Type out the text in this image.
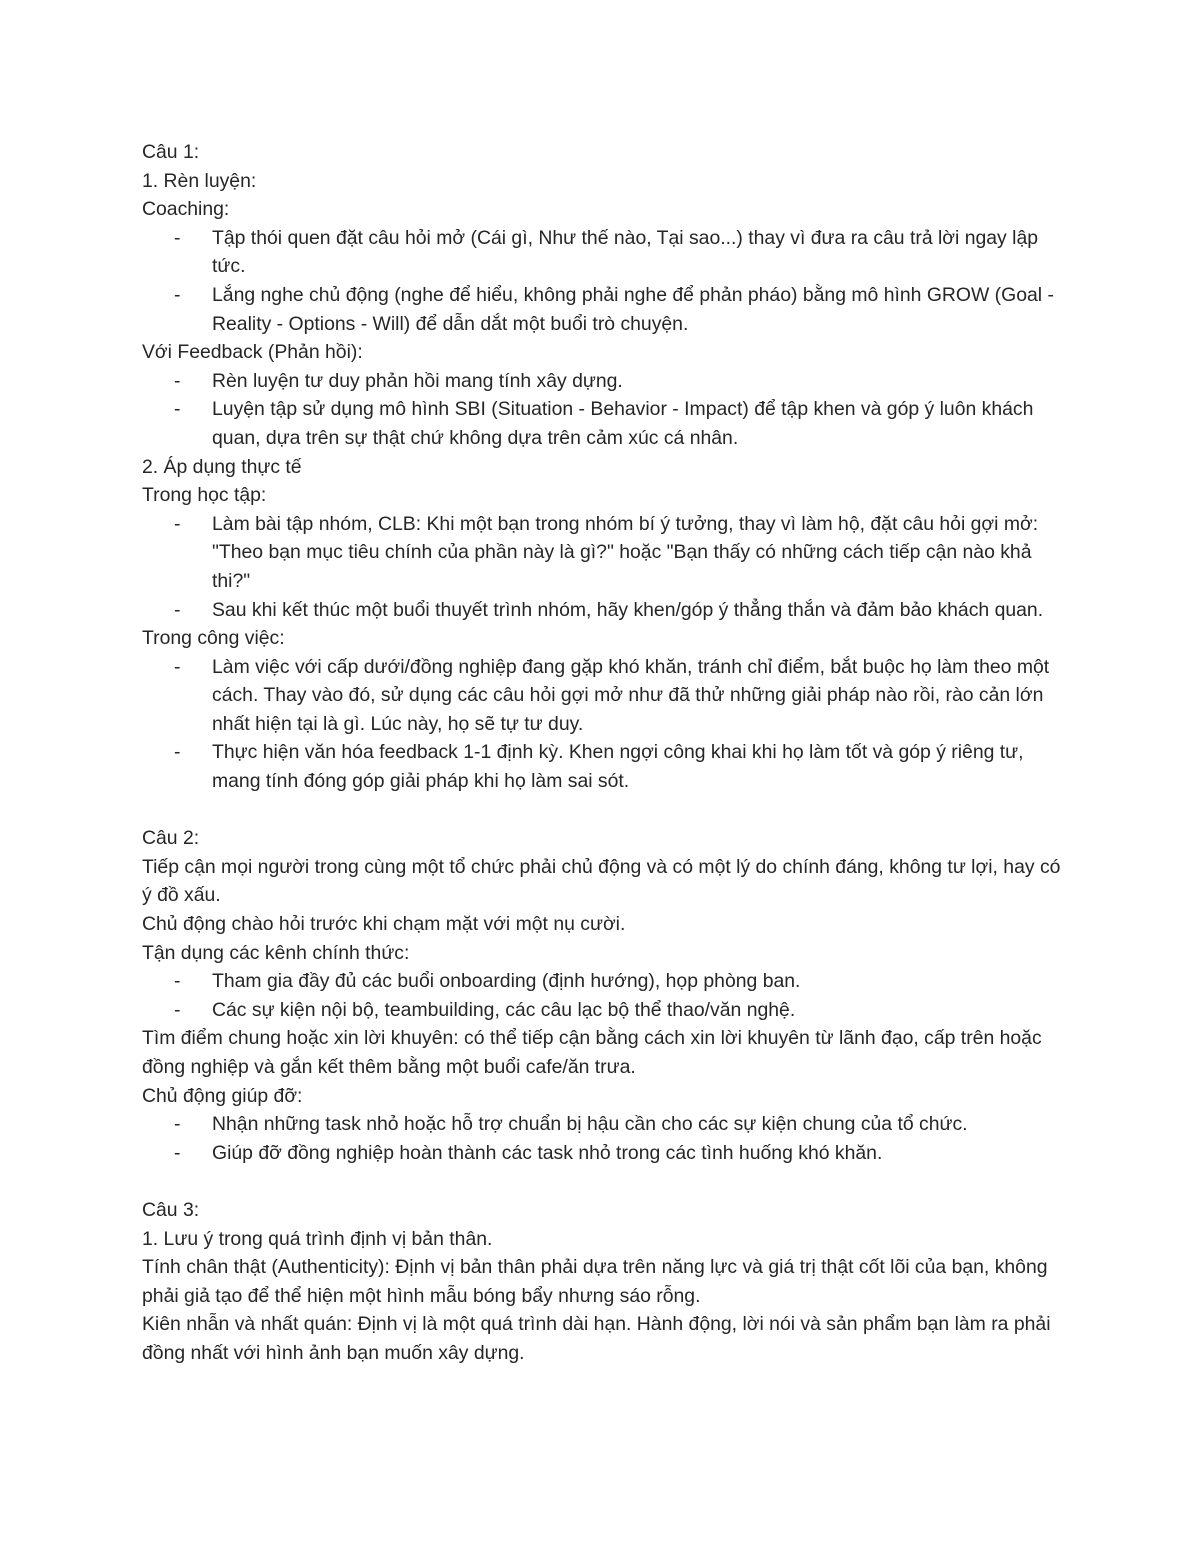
Câu 1:

1. Rèn luyện:

Coaching:

- Tập thói quen đặt câu hỏi mở (Cái gì, Như thế nào, Tại sao...) thay vì đưa ra câu trả lời ngay lập tức.
- Lắng nghe chủ động (nghe để hiểu, không phải nghe để phản pháo) bằng mô hình GROW (Goal - Reality - Options - Will) để dẫn dắt một buổi trò chuyện.

Với Feedback (Phản hồi):

- Rèn luyện tư duy phản hồi mang tính xây dựng.
- Luyện tập sử dụng mô hình SBI (Situation - Behavior - Impact) để tập khen và góp ý luôn khách quan, dựa trên sự thật chứ không dựa trên cảm xúc cá nhân.

2. Áp dụng thực tế

Trong học tập:

- Làm bài tập nhóm, CLB: Khi một bạn trong nhóm bí ý tưởng, thay vì làm hộ, đặt câu hỏi gợi mở: "Theo bạn mục tiêu chính của phần này là gì?" hoặc "Bạn thấy có những cách tiếp cận nào khả thi?"
- Sau khi kết thúc một buổi thuyết trình nhóm, hãy khen/góp ý thẳng thắn và đảm bảo khách quan.

Trong công việc:

- Làm việc với cấp dưới/đồng nghiệp đang gặp khó khăn, tránh chỉ điểm, bắt buộc họ làm theo một cách. Thay vào đó, sử dụng các câu hỏi gợi mở như đã thử những giải pháp nào rồi, rào cản lớn nhất hiện tại là gì. Lúc này, họ sẽ tự tư duy.
- Thực hiện văn hóa feedback 1-1 định kỳ. Khen ngợi công khai khi họ làm tốt và góp ý riêng tư, mang tính đóng góp giải pháp khi họ làm sai sót.

Câu 2:

Tiếp cận mọi người trong cùng một tổ chức phải chủ động và có một lý do chính đáng, không tư lợi, hay có ý đồ xấu.

Chủ động chào hỏi trước khi chạm mặt với một nụ cười.

Tận dụng các kênh chính thức:

- Tham gia đầy đủ các buổi onboarding (định hướng), họp phòng ban.
- Các sự kiện nội bộ, teambuilding, các câu lạc bộ thể thao/văn nghệ.

Tìm điểm chung hoặc xin lời khuyên: có thể tiếp cận bằng cách xin lời khuyên từ lãnh đạo, cấp trên hoặc đồng nghiệp và gắn kết thêm bằng một buổi cafe/ăn trưa.

Chủ động giúp đỡ:

- Nhận những task nhỏ hoặc hỗ trợ chuẩn bị hậu cần cho các sự kiện chung của tổ chức.
- Giúp đỡ đồng nghiệp hoàn thành các task nhỏ trong các tình huống khó khăn.

Câu 3:

1. Lưu ý trong quá trình định vị bản thân.

Tính chân thật (Authenticity): Định vị bản thân phải dựa trên năng lực và giá trị thật cốt lõi của bạn, không phải giả tạo để thể hiện một hình mẫu bóng bẩy nhưng sáo rỗng.

Kiên nhẫn và nhất quán: Định vị là một quá trình dài hạn. Hành động, lời nói và sản phẩm bạn làm ra phải đồng nhất với hình ảnh bạn muốn xây dựng.
